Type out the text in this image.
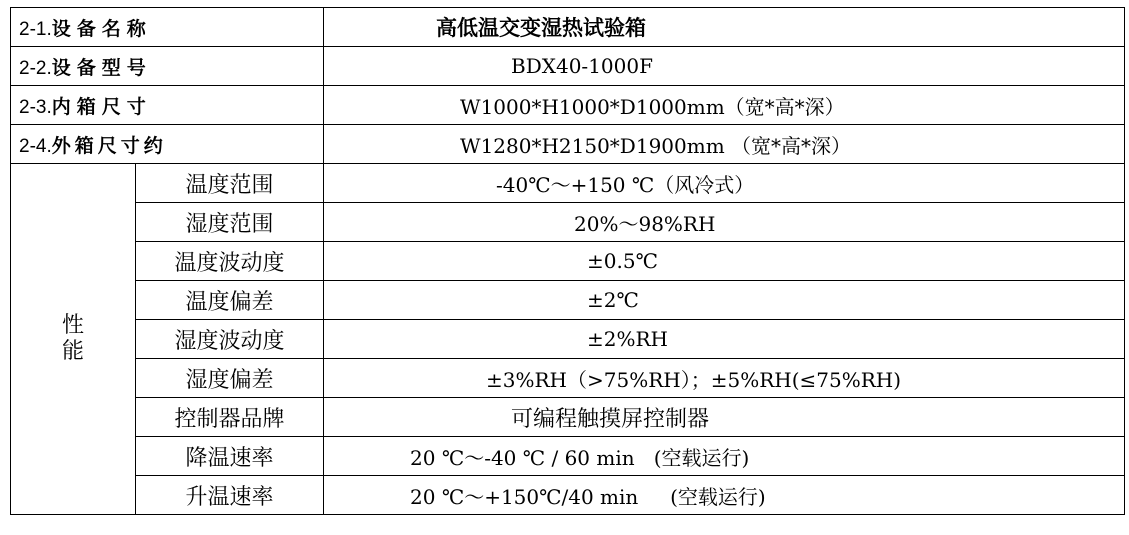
2-1.设备名称		高低温交变湿热试验箱
2-2.设备型号		BDX40-1000F
2-3.内箱尺寸		W1000*H1000*D1000mm（宽*高*深）
2-4.外箱尺寸约		W1280*H2150*D1900mm （宽*高*深）

性
能	温度范围	-40℃～+150 ℃（风冷式）
	湿度范围	20%～98%RH
	温度波动度	±0.5℃
	温度偏差	±2℃
	湿度波动度	±2%RH
	湿度偏差	±3%RH（>75%RH）；±5%RH(≤75%RH)
	控制器品牌	可编程触摸屏控制器
	降温速率	20 ℃～-40 ℃ / 60 min   (空载运行)
	升温速率	20 ℃～+150℃/40 min     (空载运行)
